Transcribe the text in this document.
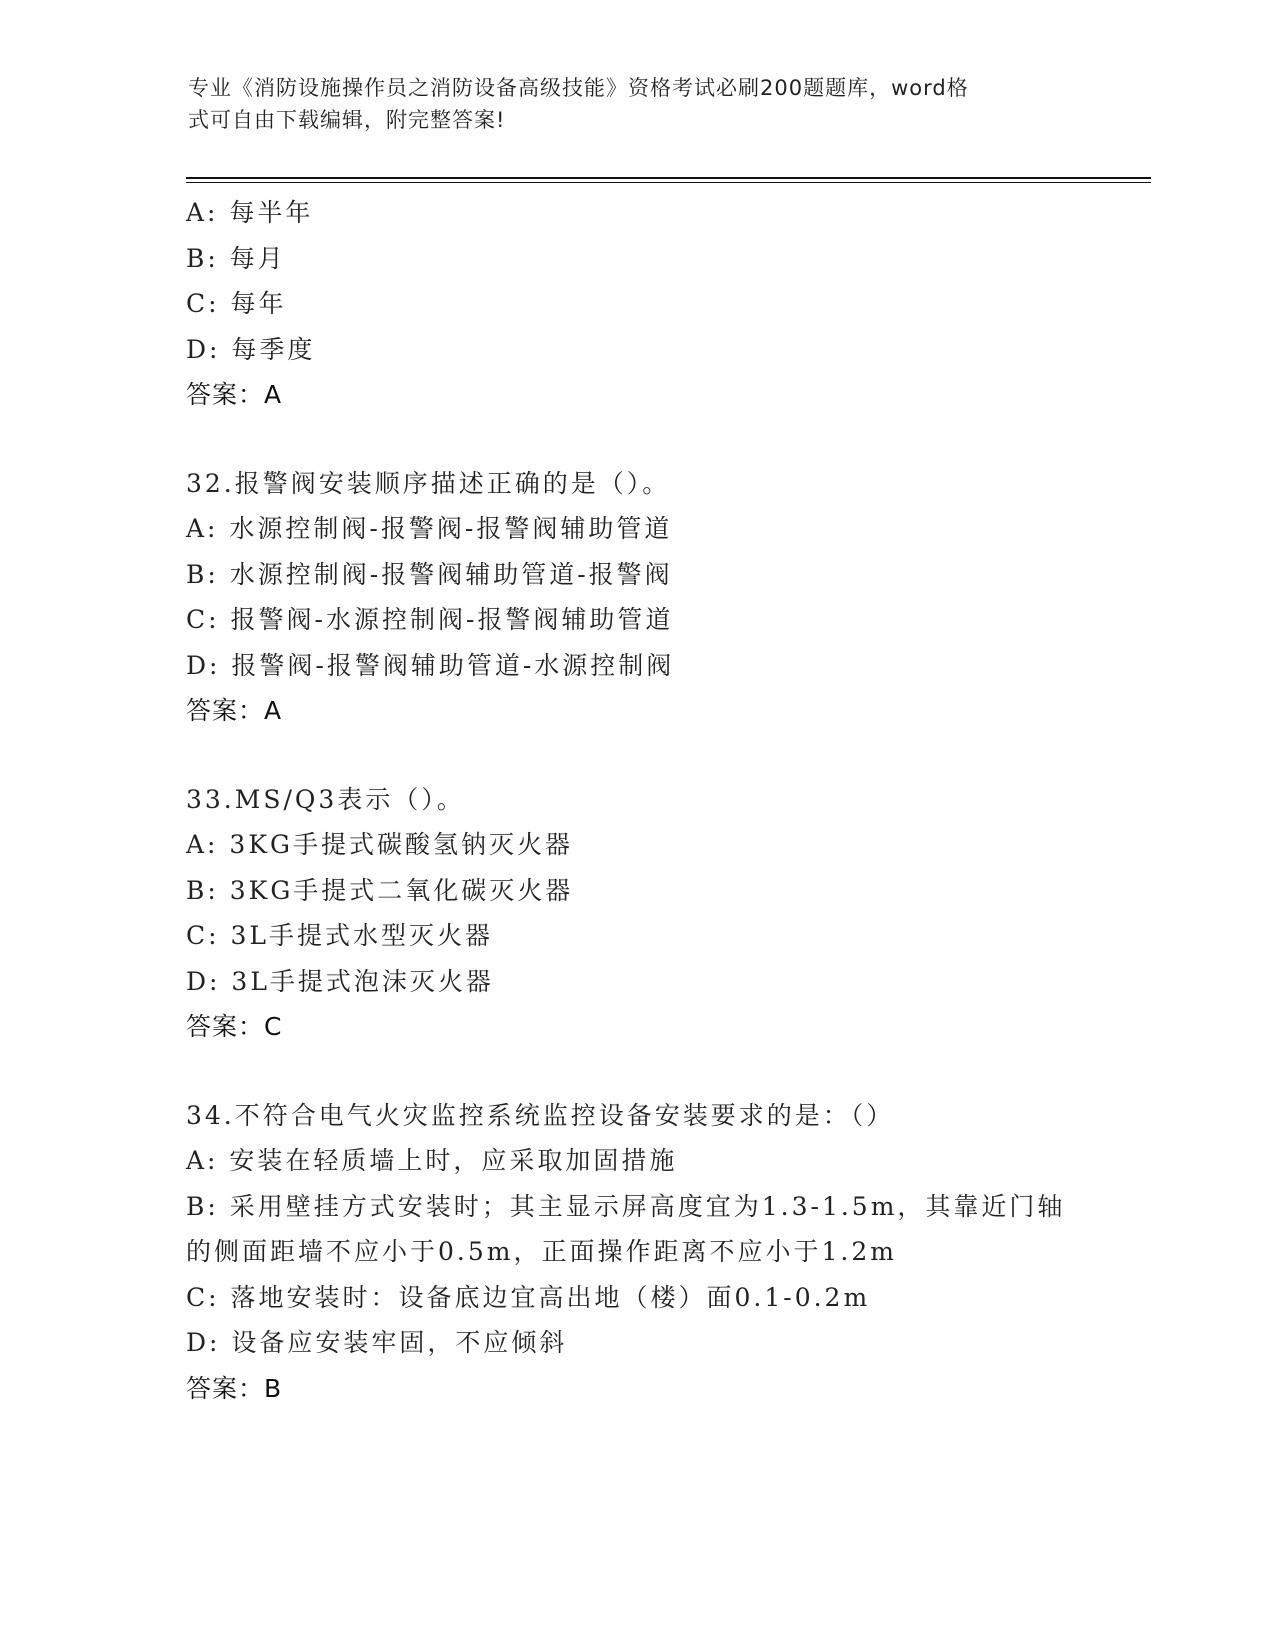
专业《消防设施操作员之消防设备高级技能》资格考试必刷200题题库，word格
式可自由下载编辑，附完整答案!
A: 每半年
B: 每月
C: 每年
D: 每季度
答案：A
32.报警阀安装顺序描述正确的是（）。
A: 水源控制阀-报警阀-报警阀辅助管道
B: 水源控制阀-报警阀辅助管道-报警阀
C: 报警阀-水源控制阀-报警阀辅助管道
D: 报警阀-报警阀辅助管道-水源控制阀
答案：A
33.MS/Q3表示（）。
A: 3KG手提式碳酸氢钠灭火器
B: 3KG手提式二氧化碳灭火器
C: 3L手提式水型灭火器
D: 3L手提式泡沫灭火器
答案：C
34.不符合电气火灾监控系统监控设备安装要求的是：（）
A: 安装在轻质墙上时，应采取加固措施
B: 采用壁挂方式安装时；其主显示屏高度宜为1.3-1.5m，其靠近门轴
的侧面距墙不应小于0.5m，正面操作距离不应小于1.2m
C: 落地安装时：设备底边宜高出地（楼）面0.1-0.2m
D: 设备应安装牢固，不应倾斜
答案：B
